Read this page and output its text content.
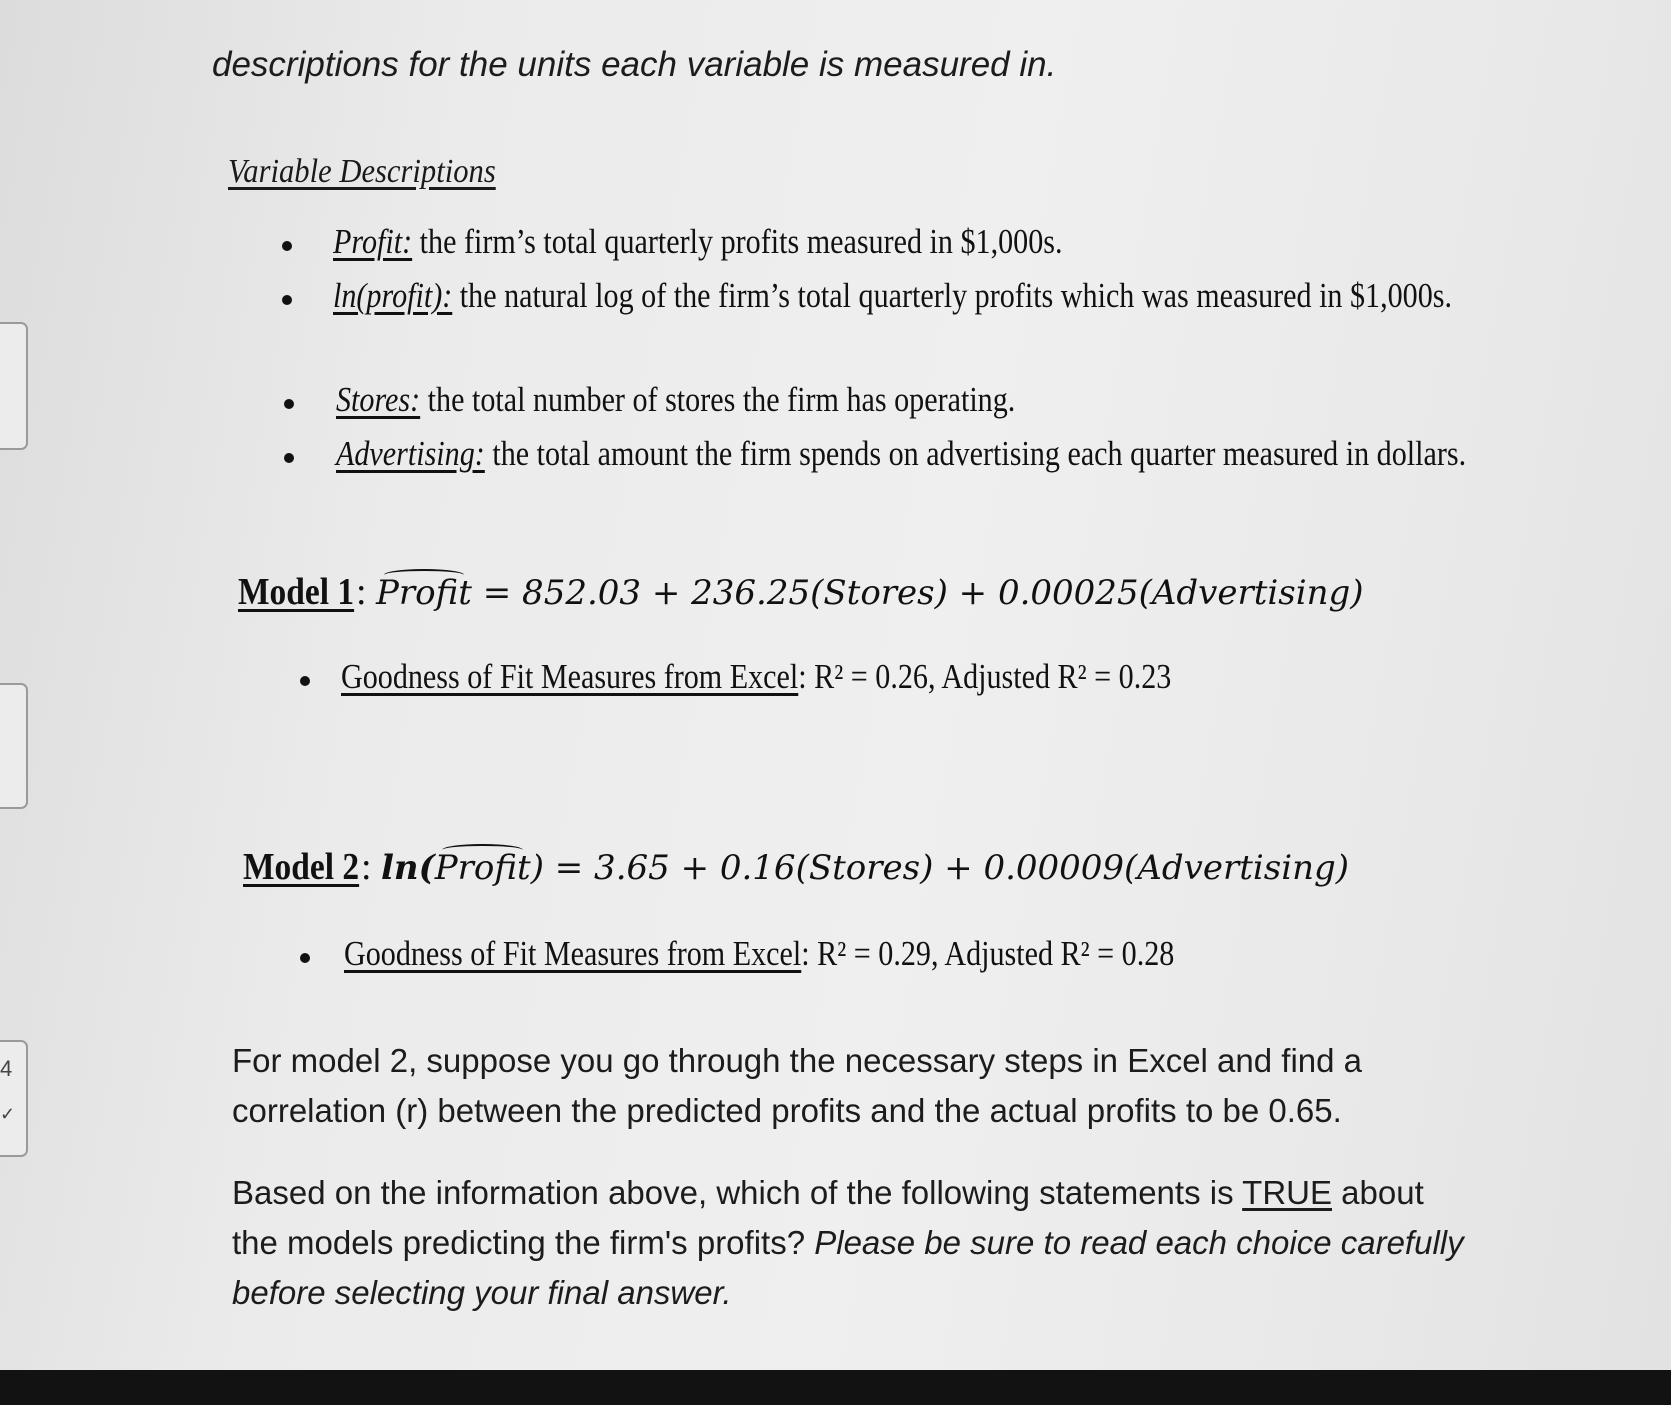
4
✓
descriptions for the units each variable is measured in.
Variable Descriptions
Profit: the firm’s total quarterly profits measured in $1,000s.
ln(profit): the natural log of the firm’s total quarterly profits which was measured in $1,000s.
Stores: the total number of stores the firm has operating.
Advertising: the total amount the firm spends on advertising each quarter measured in dollars.
Model 1: Profit = 852.03 + 236.25(Stores) + 0.00025(Advertising)
Goodness of Fit Measures from Excel: R² = 0.26, Adjusted R² = 0.23
Model 2: ln(Profit) = 3.65 + 0.16(Stores) + 0.00009(Advertising)
Goodness of Fit Measures from Excel: R² = 0.29, Adjusted R² = 0.28
For model 2, suppose you go through the necessary steps in Excel and find a
correlation (r) between the predicted profits and the actual profits to be 0.65.
Based on the information above, which of the following statements is TRUE about
the models predicting the firm's profits? Please be sure to read each choice carefully
before selecting your final answer.
